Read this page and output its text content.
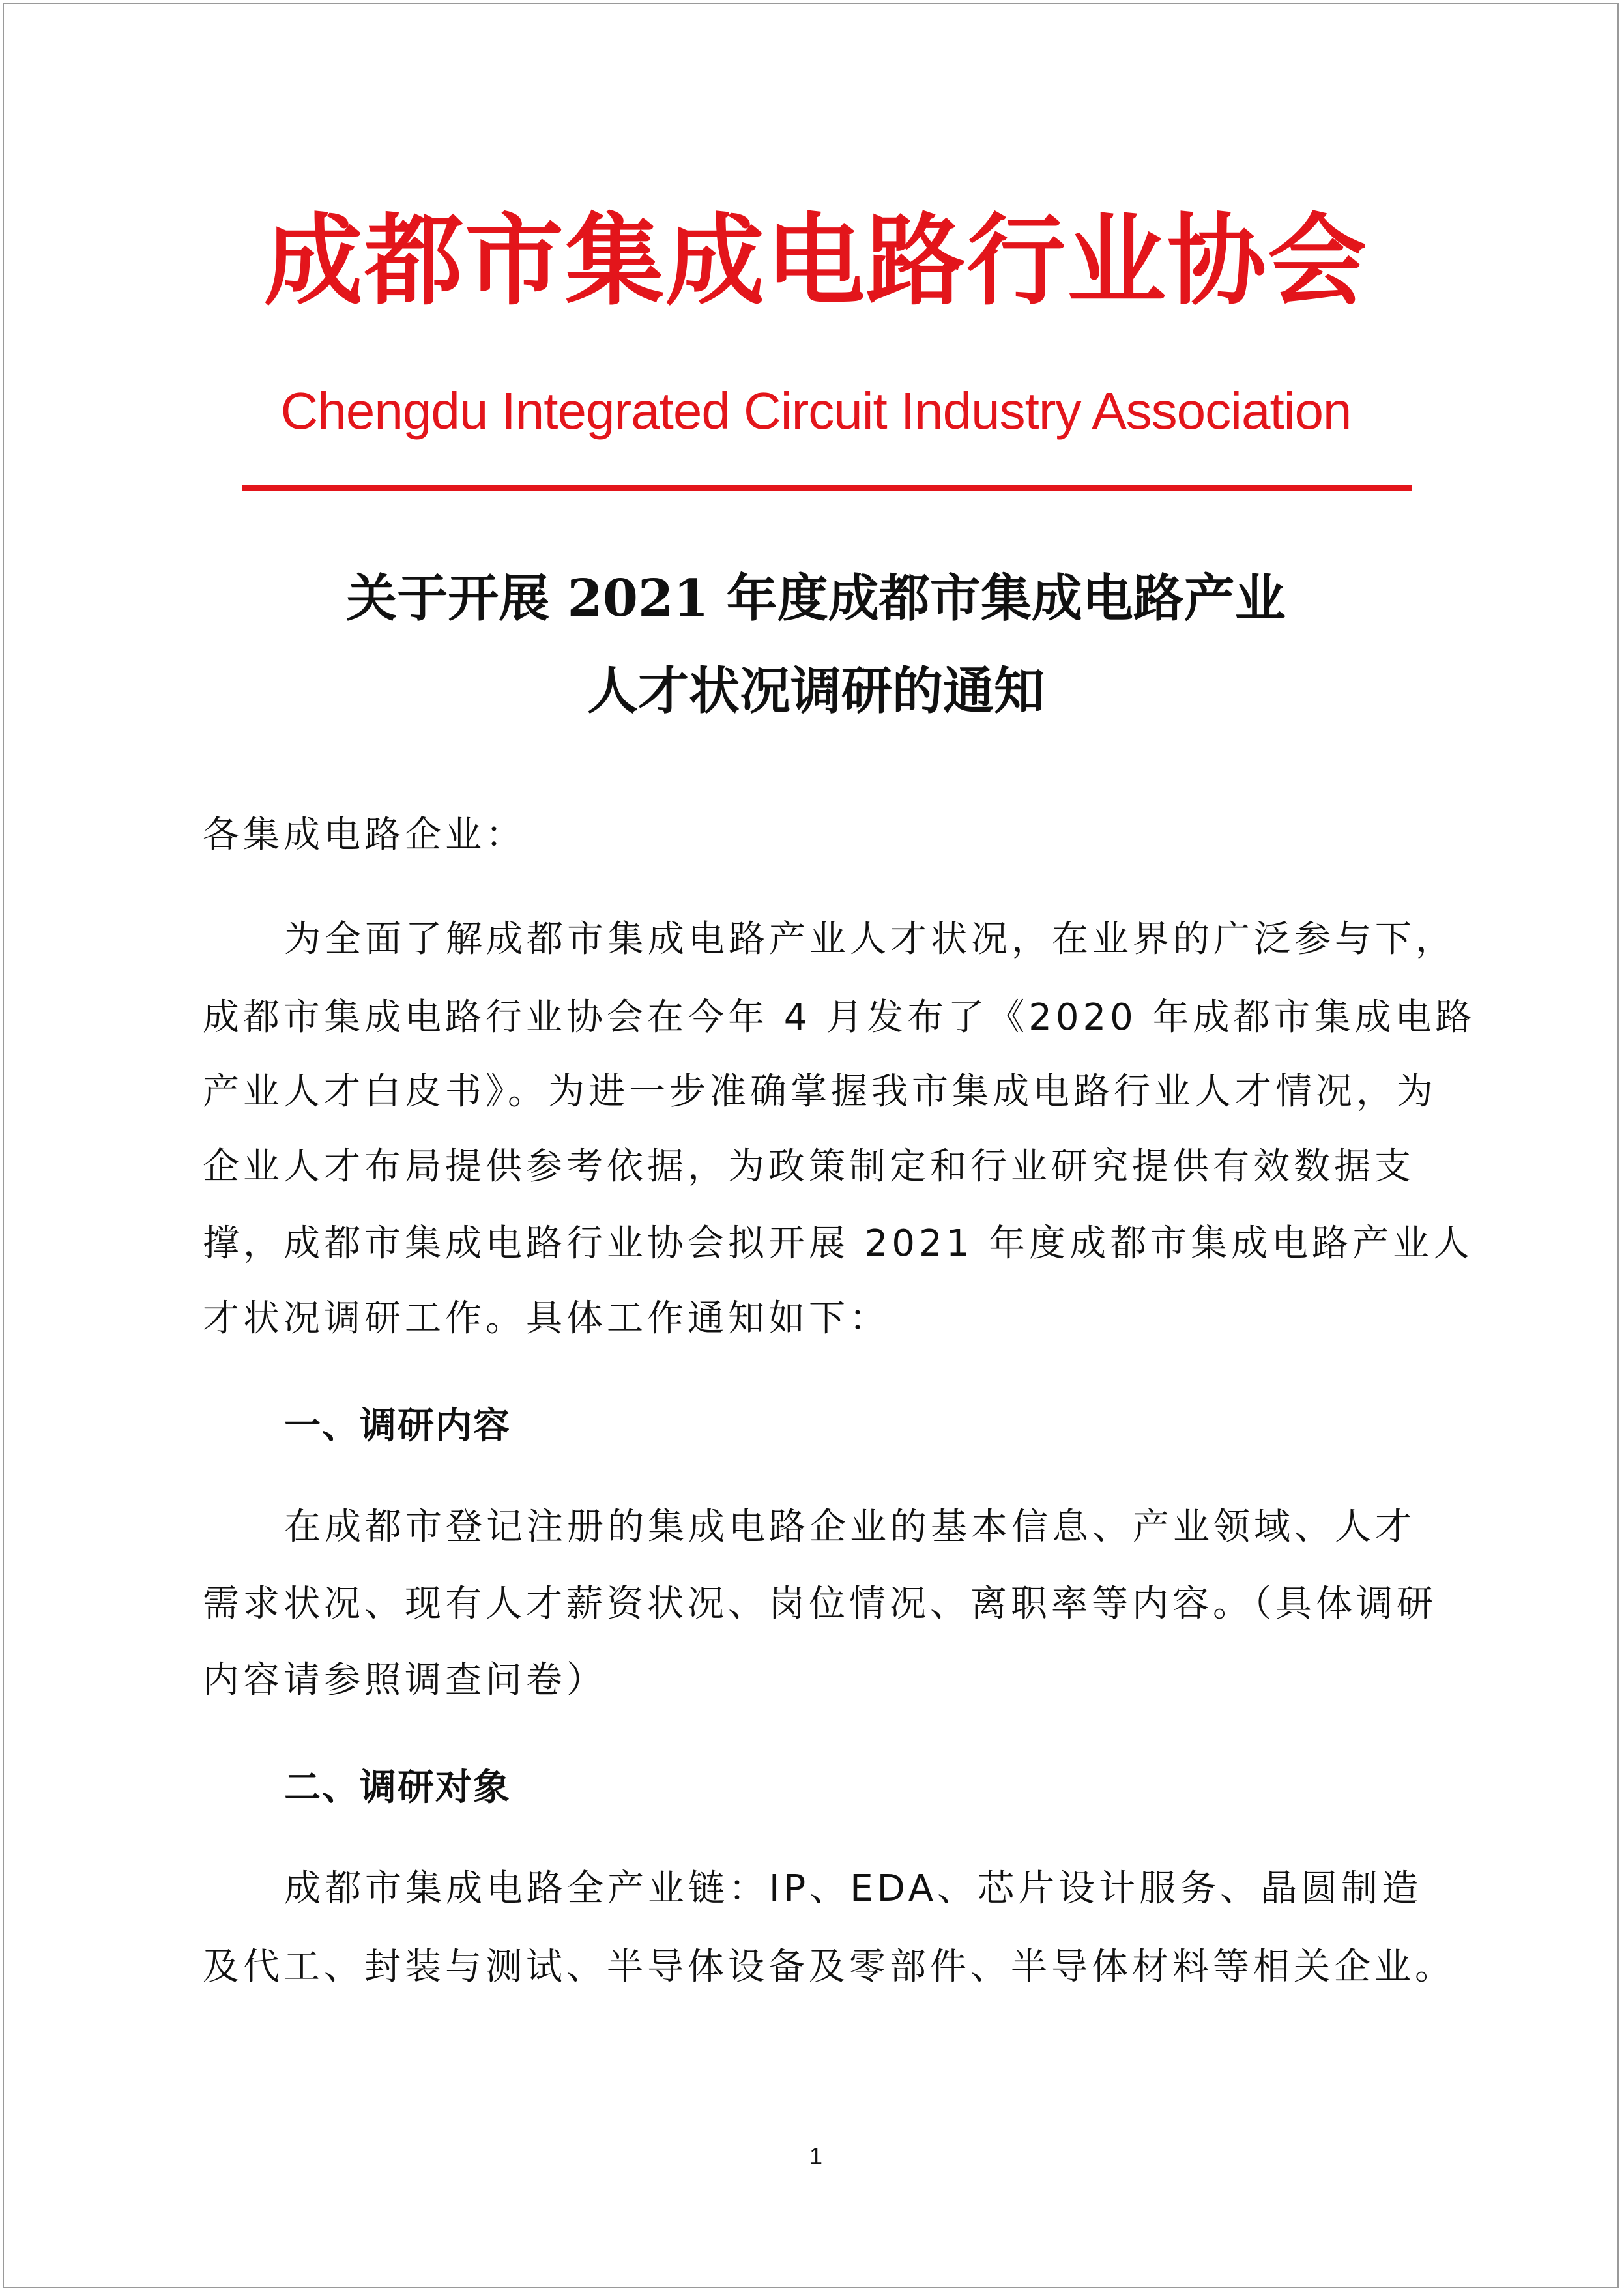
成都市集成电路行业协会
Chengdu Integrated Circuit Industry Association
关于开展 2021 年度成都市集成电路产业
人才状况调研的通知
各集成电路企业：
为全面了解成都市集成电路产业人才状况，在业界的广泛参与下，
成都市集成电路行业协会在今年 4 月发布了《2020 年成都市集成电路
产业人才白皮书》。为进一步准确掌握我市集成电路行业人才情况，为
企业人才布局提供参考依据，为政策制定和行业研究提供有效数据支
撑，成都市集成电路行业协会拟开展 2021 年度成都市集成电路产业人
才状况调研工作。具体工作通知如下：
一、调研内容
在成都市登记注册的集成电路企业的基本信息、产业领域、人才
需求状况、现有人才薪资状况、岗位情况、离职率等内容。（具体调研
内容请参照调查问卷）
二、调研对象
成都市集成电路全产业链：IP、EDA、芯片设计服务、晶圆制造
及代工、封装与测试、半导体设备及零部件、半导体材料等相关企业。
1
